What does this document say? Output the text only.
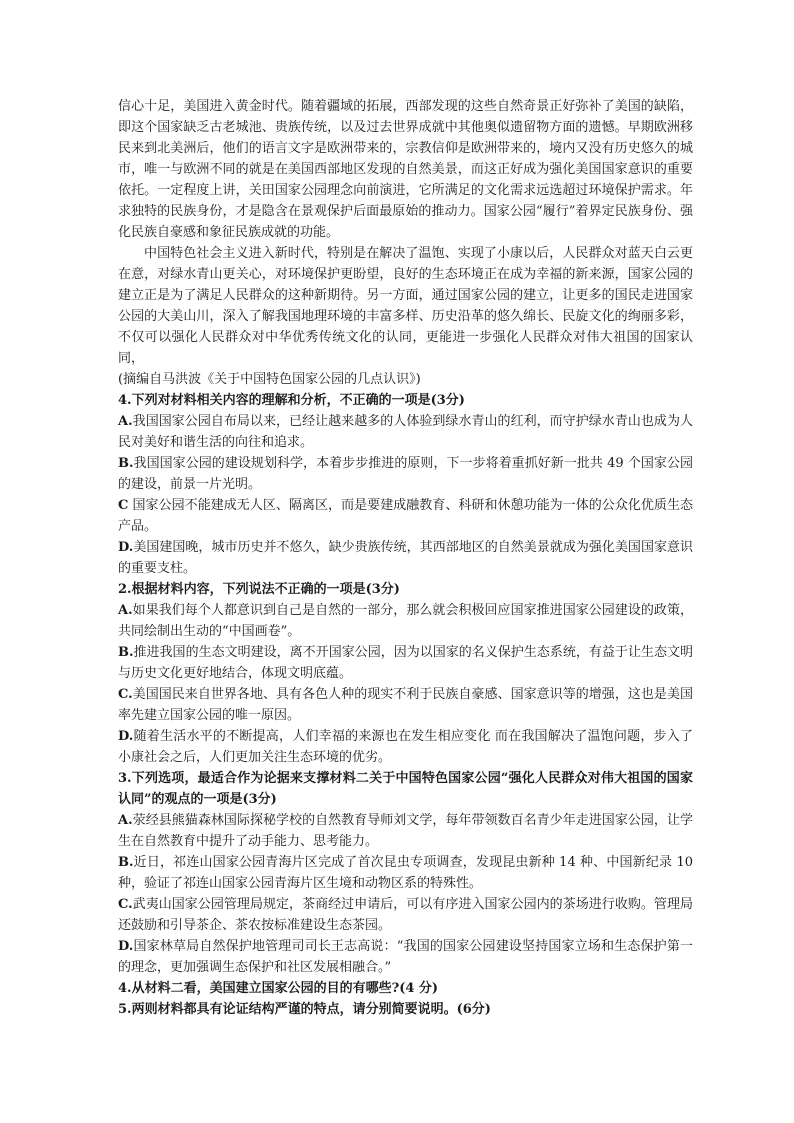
信心十足，美国进入黄金时代。随着疆域的拓展，西部发现的这些自然奇景正好弥补了美国的缺陷，即这个国家缺乏古老城池、贵族传统，以及过去世界成就中其他奥似遗留物方面的遗憾。早期欧洲移民来到北美洲后，他们的语言文字是欧洲带来的，宗教信仰是欧洲带来的，境内又没有历史悠久的城市，唯一与欧洲不同的就是在美国西部地区发现的自然美景，而这正好成为强化美国国家意识的重要依托。一定程度上讲，关田国家公园理念向前演进，它所满足的文化需求远选超过环境保护需求。年求独特的民族身份，才是隐含在景观保护后面最原始的推动力。国家公园“履行”着界定民族身份、强化民族自豪感和象征民族成就的功能。

中国特色社会主义进入新时代，特别是在解决了温饱、实现了小康以后，人民群众对蓝天白云更在意，对绿水青山更关心，对环境保护更盼望，良好的生态环境正在成为幸福的新来源，国家公园的建立正是为了满足人民群众的这种新期待。另一方面，通过国家公园的建立，让更多的国民走进国家公园的大美山川，深入了解我国地理环境的丰富多样、历史沿革的悠久绵长、民旋文化的绚丽多彩，不仅可以强化人民群众对中华优秀传统文化的认同，更能进一步强化人民群众对伟大祖国的国家认同，

(摘编自马洪波《关于中国特色国家公园的几点认识》)

4.下列对材料相关内容的理解和分析，不正确的一项是(3分)

A.我国国家公园自布局以来，已经让越来越多的人体验到绿水青山的红利，而守护绿水青山也成为人民对美好和谐生活的向往和追求。

B.我国国家公园的建设规划科学，本着步步推进的原则，下一步将着重抓好新一批共 49 个国家公园的建设，前景一片光明。

C 国家公园不能建成无人区、隔离区，而是要建成融教育、科研和休憩功能为一体的公众化优质生态产品。

D.美国建国晚，城市历史并不悠久，缺少贵族传统，其西部地区的自然美景就成为强化美国国家意识的重要支柱。

2.根据材料内容，下列说法不正确的一项是(3分)

A.如果我们每个人都意识到自己是自然的一部分，那么就会积极回应国家推进国家公园建设的政策，共同绘制出生动的“中国画卷”。

B.推进我国的生态文明建设，离不开国家公园，因为以国家的名义保护生态系统，有益于让生态文明与历史文化更好地结合，体现文明底蕴。

C.美国国民来自世界各地、具有各色人种的现实不利于民族自豪感、国家意识等的增强，这也是美国率先建立国家公园的唯一原因。

D.随着生活水平的不断提高，人们幸福的来源也在发生相应变化 而在我国解决了温饱问题，步入了小康社会之后，人们更加关注生态环境的优劣。

3.下列选项，最适合作为论据来支撑材料二关于中国特色国家公园“强化人民群众对伟大祖国的国家认同”的观点的一项是(3分)

A.荥经县熊猫森林国际探秘学校的自然教育导师刘文学，每年带领数百名青少年走进国家公园，让学生在自然教育中提升了动手能力、思考能力。

B.近日，祁连山国家公园青海片区完成了首次昆虫专项调查，发现昆虫新种 14 种、中国新纪录 10 种，验证了祁连山国家公园青海片区生境和动物区系的特殊性。

C.武夷山国家公园管理局规定，茶商经过申请后，可以有序进入国家公园内的茶场进行收购。管理局还鼓励和引导茶企、茶农按标准建设生态茶园。

D.国家林草局自然保护地管理司司长王志高说：“我国的国家公园建设坚持国家立场和生态保护第一的理念，更加强调生态保护和社区发展相融合。”

4.从材料二看，美国建立国家公园的目的有哪些?(4 分)

5.两则材料都具有论证结构严谨的特点，请分别简要说明。(6分)
